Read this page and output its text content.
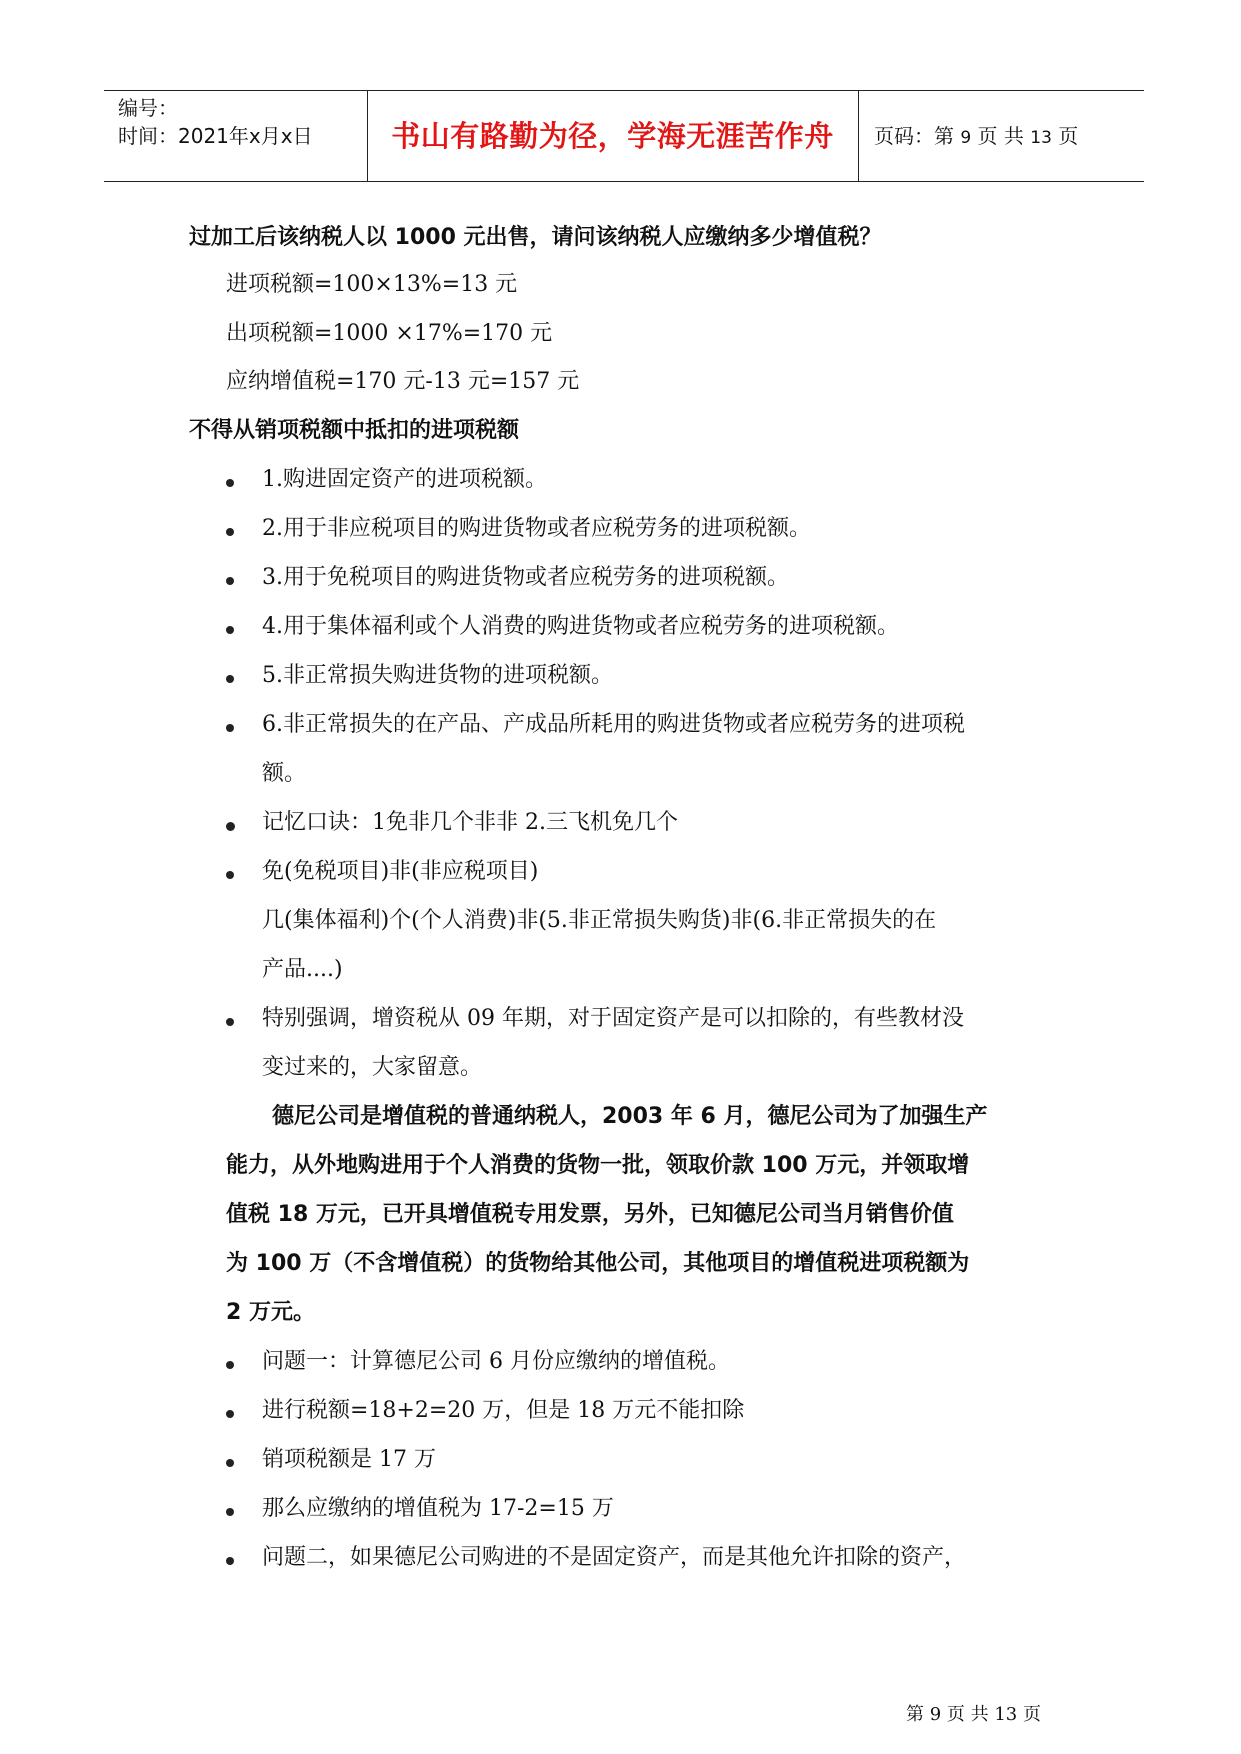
编号：
时间：2021年x月x日	书山有路勤为径，学海无涯苦作舟	页码：第 9 页 共 13 页
过加工后该纳税人以 1000 元出售，请问该纳税人应缴纳多少增值税？
进项税额=100×13%=13 元
出项税额=1000 ×17%=170 元
应纳增值税=170 元-13 元=157 元
不得从销项税额中抵扣的进项税额
1.购进固定资产的进项税额。
2.用于非应税项目的购进货物或者应税劳务的进项税额。
3.用于免税项目的购进货物或者应税劳务的进项税额。
4.用于集体福利或个人消费的购进货物或者应税劳务的进项税额。
5.非正常损失购进货物的进项税额。
6.非正常损失的在产品、产成品所耗用的购进货物或者应税劳务的进项税
额。
记忆口诀：1免非几个非非 2.三飞机免几个
免(免税项目)非(非应税项目)
几(集体福利)个(个人消费)非(5.非正常损失购货)非(6.非正常损失的在
产品....)
特别强调，增资税从 09 年期，对于固定资产是可以扣除的，有些教材没
变过来的，大家留意。
德尼公司是增值税的普通纳税人，2003 年 6 月，德尼公司为了加强生产
能力，从外地购进用于个人消费的货物一批，领取价款 100 万元，并领取增
值税 18 万元，已开具增值税专用发票，另外，已知德尼公司当月销售价值
为 100 万（不含增值税）的货物给其他公司，其他项目的增值税进项税额为
2 万元。
问题一：计算德尼公司 6 月份应缴纳的增值税。
进行税额=18+2=20 万，但是 18 万元不能扣除
销项税额是 17 万
那么应缴纳的增值税为 17-2=15 万
问题二，如果德尼公司购进的不是固定资产，而是其他允许扣除的资产，
第 9 页 共 13 页
